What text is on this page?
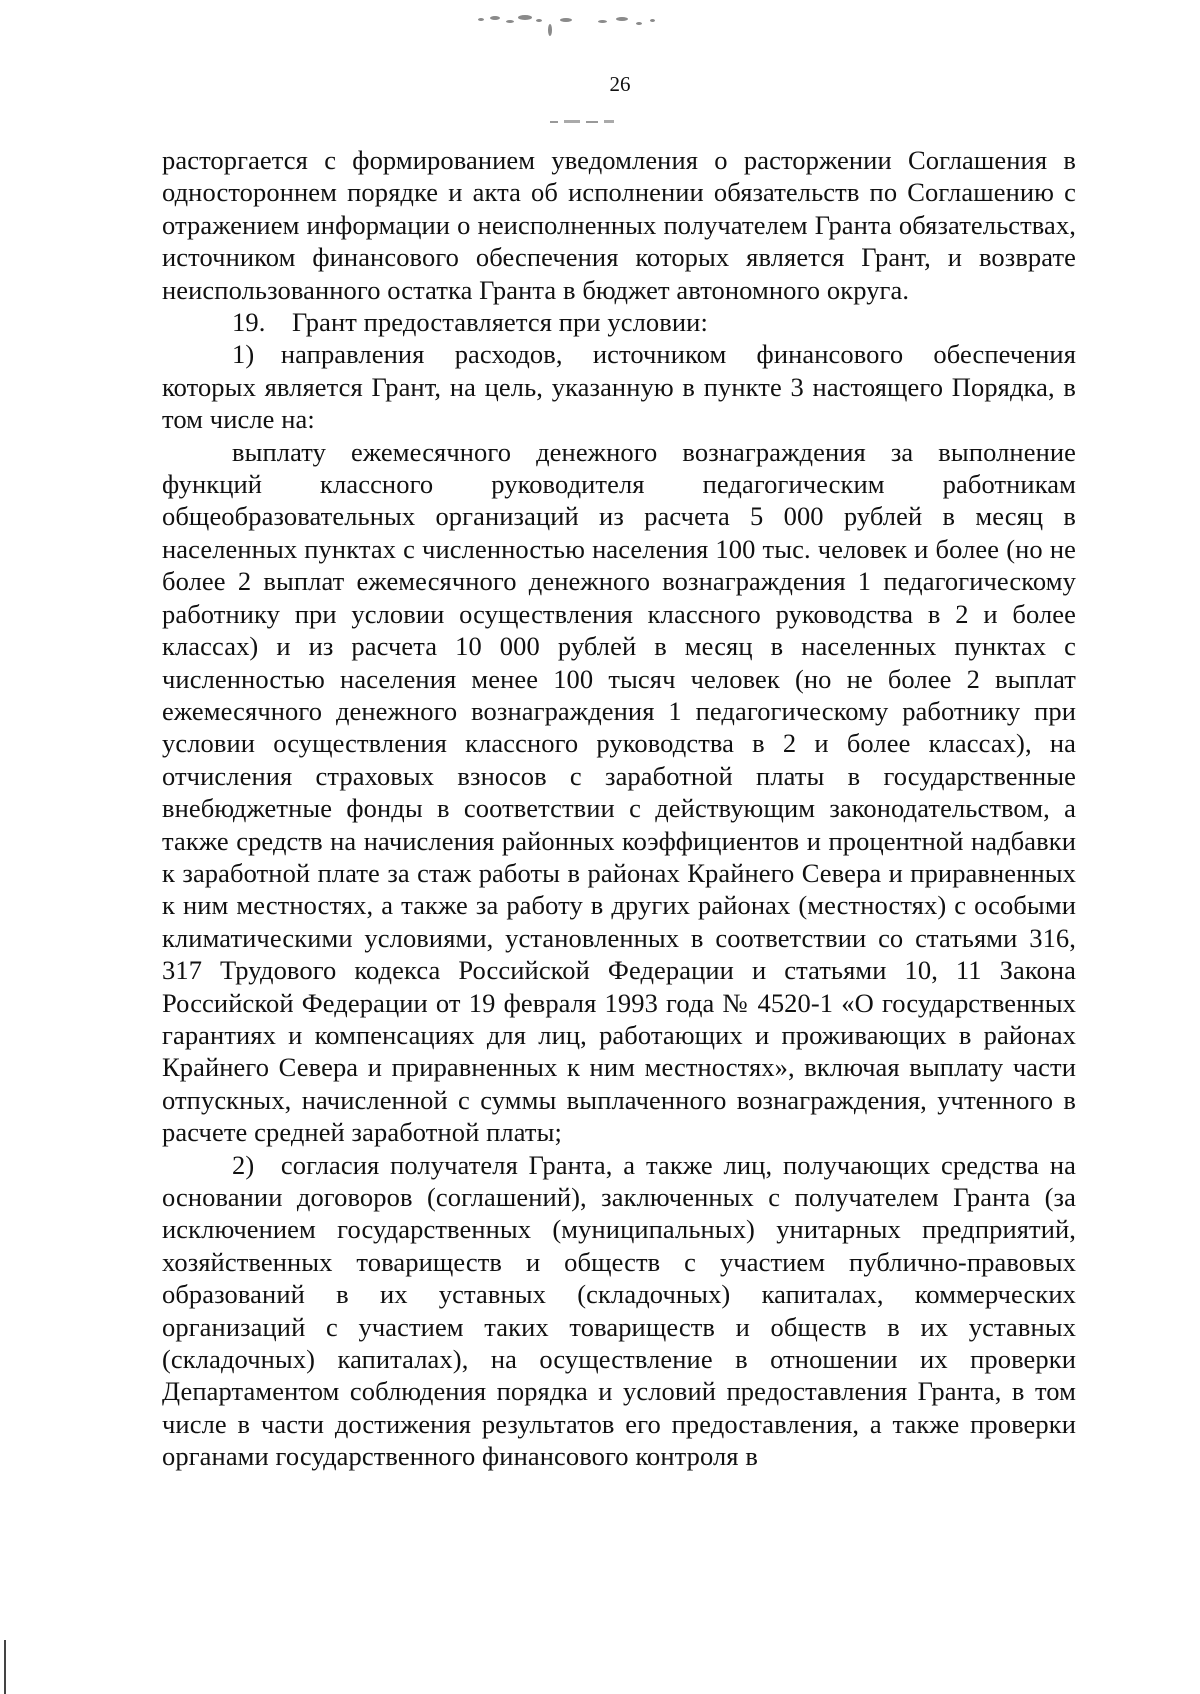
26

расторгается с формированием уведомления о расторжении Соглашения в одностороннем порядке и акта об исполнении обязательств по Соглашению с отражением информации о неисполненных получателем Гранта обязательствах, источником финансового обеспечения которых является Грант, и возврате неиспользованного остатка Гранта в бюджет автономного округа.

19. Грант предоставляется при условии:

1) направления расходов, источником финансового обеспечения которых является Грант, на цель, указанную в пункте 3 настоящего Порядка, в том числе на:

выплату ежемесячного денежного вознаграждения за выполнение функций классного руководителя педагогическим работникам общеобразовательных организаций из расчета 5 000 рублей в месяц в населенных пунктах с численностью населения 100 тыс. человек и более (но не более 2 выплат ежемесячного денежного вознаграждения 1 педагогическому работнику при условии осуществления классного руководства в 2 и более классах) и из расчета 10 000 рублей в месяц в населенных пунктах с численностью населения менее 100 тысяч человек (но не более 2 выплат ежемесячного денежного вознаграждения 1 педагогическому работнику при условии осуществления классного руководства в 2 и более классах), на отчисления страховых взносов с заработной платы в государственные внебюджетные фонды в соответствии с действующим законодательством, а также средств на начисления районных коэффициентов и процентной надбавки к заработной плате за стаж работы в районах Крайнего Севера и приравненных к ним местностях, а также за работу в других районах (местностях) с особыми климатическими условиями, установленных в соответствии со статьями 316, 317 Трудового кодекса Российской Федерации и статьями 10, 11 Закона Российской Федерации от 19 февраля 1993 года № 4520-1 «О государственных гарантиях и компенсациях для лиц, работающих и проживающих в районах Крайнего Севера и приравненных к ним местностях», включая выплату части отпускных, начисленной с суммы выплаченного вознаграждения, учтенного в расчете средней заработной платы;

2) согласия получателя Гранта, а также лиц, получающих средства на основании договоров (соглашений), заключенных с получателем Гранта (за исключением государственных (муниципальных) унитарных предприятий, хозяйственных товариществ и обществ с участием публично-правовых образований в их уставных (складочных) капиталах, коммерческих организаций с участием таких товариществ и обществ в их уставных (складочных) капиталах), на осуществление в отношении их проверки Департаментом соблюдения порядка и условий предоставления Гранта, в том числе в части достижения результатов его предоставления, а также проверки органами государственного финансового контроля в
